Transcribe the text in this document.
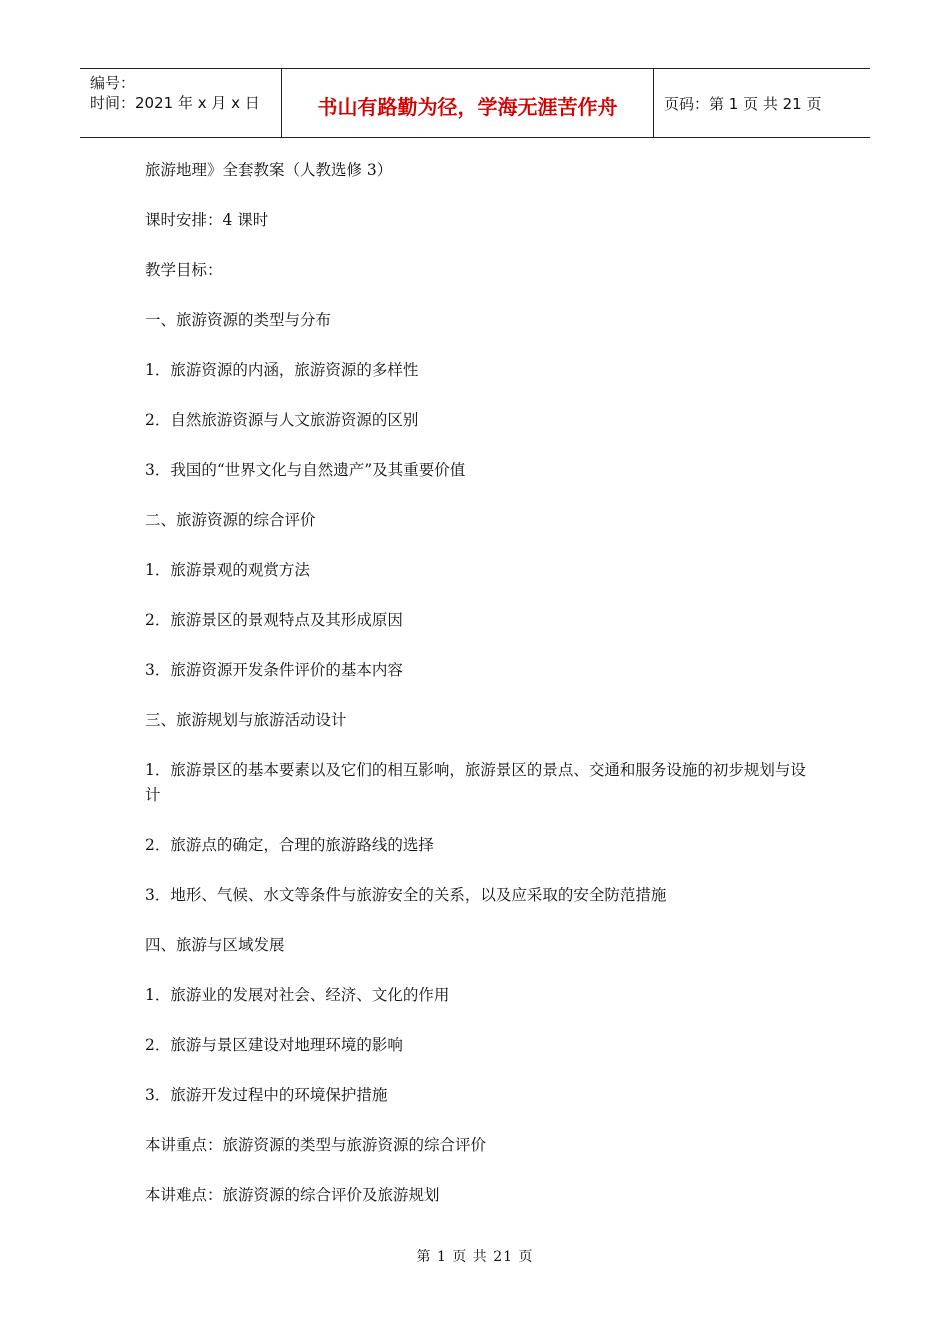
编号：
时间：2021 年 x 月 x 日	书山有路勤为径，学海无涯苦作舟	页码： 第 1 页 共 21 页

旅游地理》全套教案（人教选修 3）

课时安排：4 课时

教学目标：

一、旅游资源的类型与分布

1．旅游资源的内涵，旅游资源的多样性

2．自然旅游资源与人文旅游资源的区别

3．我国的“世界文化与自然遗产”及其重要价值

二、旅游资源的综合评价

1．旅游景观的观赏方法

2．旅游景区的景观特点及其形成原因

3．旅游资源开发条件评价的基本内容

三、旅游规划与旅游活动设计

1．旅游景区的基本要素以及它们的相互影响，旅游景区的景点、交通和服务设施的初步规划与设计

2．旅游点的确定，合理的旅游路线的选择

3．地形、气候、水文等条件与旅游安全的关系，以及应采取的安全防范措施

四、旅游与区域发展

1．旅游业的发展对社会、经济、文化的作用

2．旅游与景区建设对地理环境的影响

3．旅游开发过程中的环境保护措施

本讲重点：旅游资源的类型与旅游资源的综合评价

本讲难点：旅游资源的综合评价及旅游规划

第 1 页 共 21 页
